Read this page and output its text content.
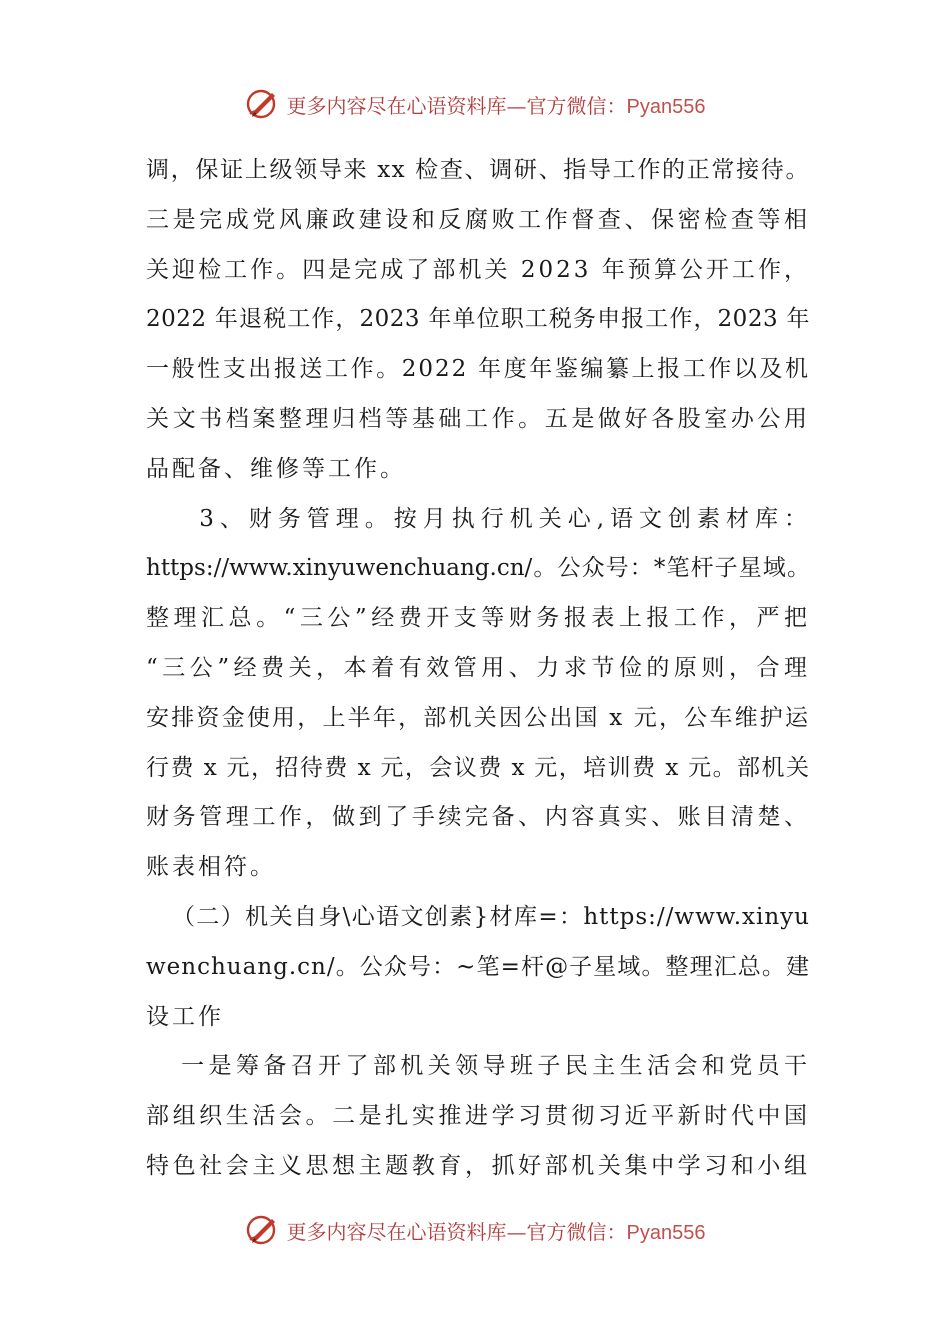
更多内容尽在心语资料库—官方微信：Pyan556
调，保证上级领导来 xx 检查、调研、指导工作的正常接待。
三是完成党风廉政建设和反腐败工作督查、保密检查等相
关迎检工作。四是完成了部机关 2023 年预算公开工作，
2022 年退税工作，2023 年单位职工税务申报工作，2023 年
一般性支出报送工作。2022 年度年鉴编纂上报工作以及机
关文书档案整理归档等基础工作。五是做好各股室办公用
品配备、维修等工作。
3、财务管理。按月执行机关心,语文创素材库：
https://www.xinyuwenchuang.cn/。公众号：*笔杆子星域。
整理汇总。“三公”经费开支等财务报表上报工作，严把
“三公”经费关，本着有效管用、力求节俭的原则，合理
安排资金使用，上半年，部机关因公出国 x 元，公车维护运
行费 x 元，招待费 x 元，会议费 x 元，培训费 x 元。部机关
财务管理工作，做到了手续完备、内容真实、账目清楚、
账表相符。
（二）机关自身\心语文创素}材库=：https://www.xinyu
wenchuang.cn/。公众号：~笔=杆@子星域。整理汇总。建
设工作
一是筹备召开了部机关领导班子民主生活会和党员干
部组织生活会。二是扎实推进学习贯彻习近平新时代中国
特色社会主义思想主题教育，抓好部机关集中学习和小组
更多内容尽在心语资料库—官方微信：Pyan556
